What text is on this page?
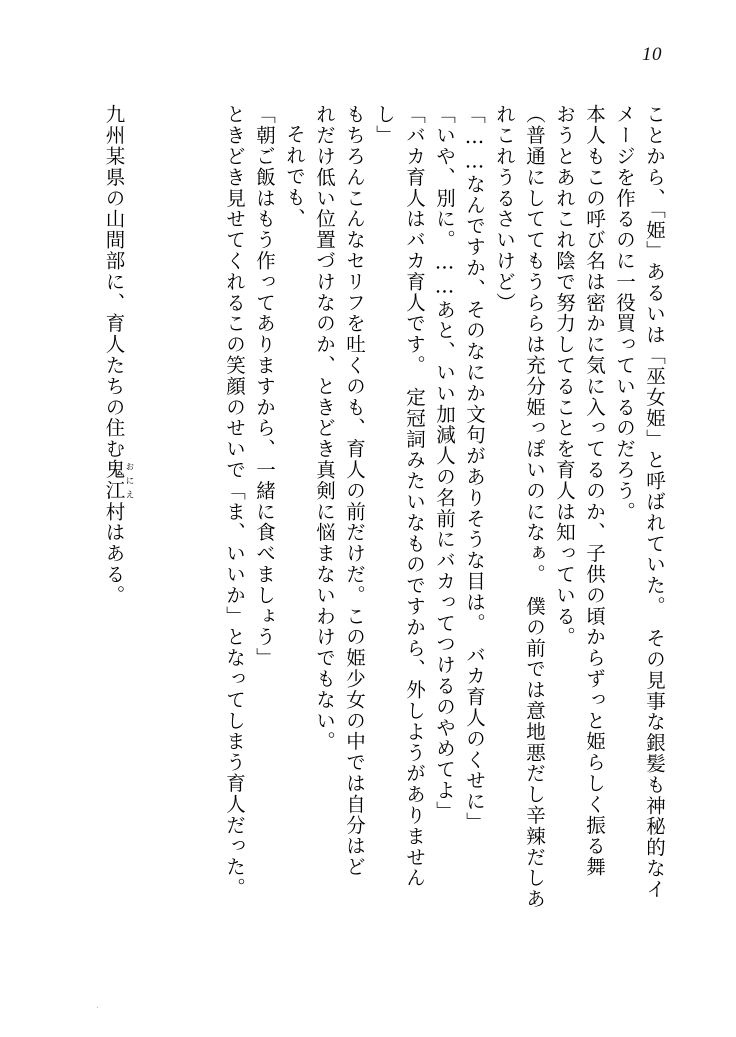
10
ことから、「姫」あるいは「巫女姫」と呼ばれていた。　その見事な銀髪も神秘的なイ
メージを作るのに一役買っているのだろう。
本人もこの呼び名は密かに気に入ってるのか、子供の頃からずっと姫らしく振る舞
おうとあれこれ陰で努力してることを育人は知っている。
（普通にしててもうららは充分姫っぽいのになぁ。　僕の前では意地悪だし辛辣だしあ
れこれうるさいけど）
「……なんですか、そのなにか文句がありそうな目は。　バカ育人のくせに」
「いや、別に。……あと、いい加減人の名前にバカってつけるのやめてよ」
「バカ育人はバカ育人です。　定冠詞みたいなものですから、外しようがありません
し」
もちろんこんなセリフを吐くのも、育人の前だけだ。この姫少女の中では自分はど
れだけ低い位置づけなのか、ときどき真剣に悩まないわけでもない。
それでも、
「朝ご飯はもう作ってありますから、一緒に食べましょう」
ときどき見せてくれるこの笑顔のせいで「ま、いいか」となってしまう育人だった。
九州某県の山間部に、育人たちの住む鬼江おにえ村はある。
.
